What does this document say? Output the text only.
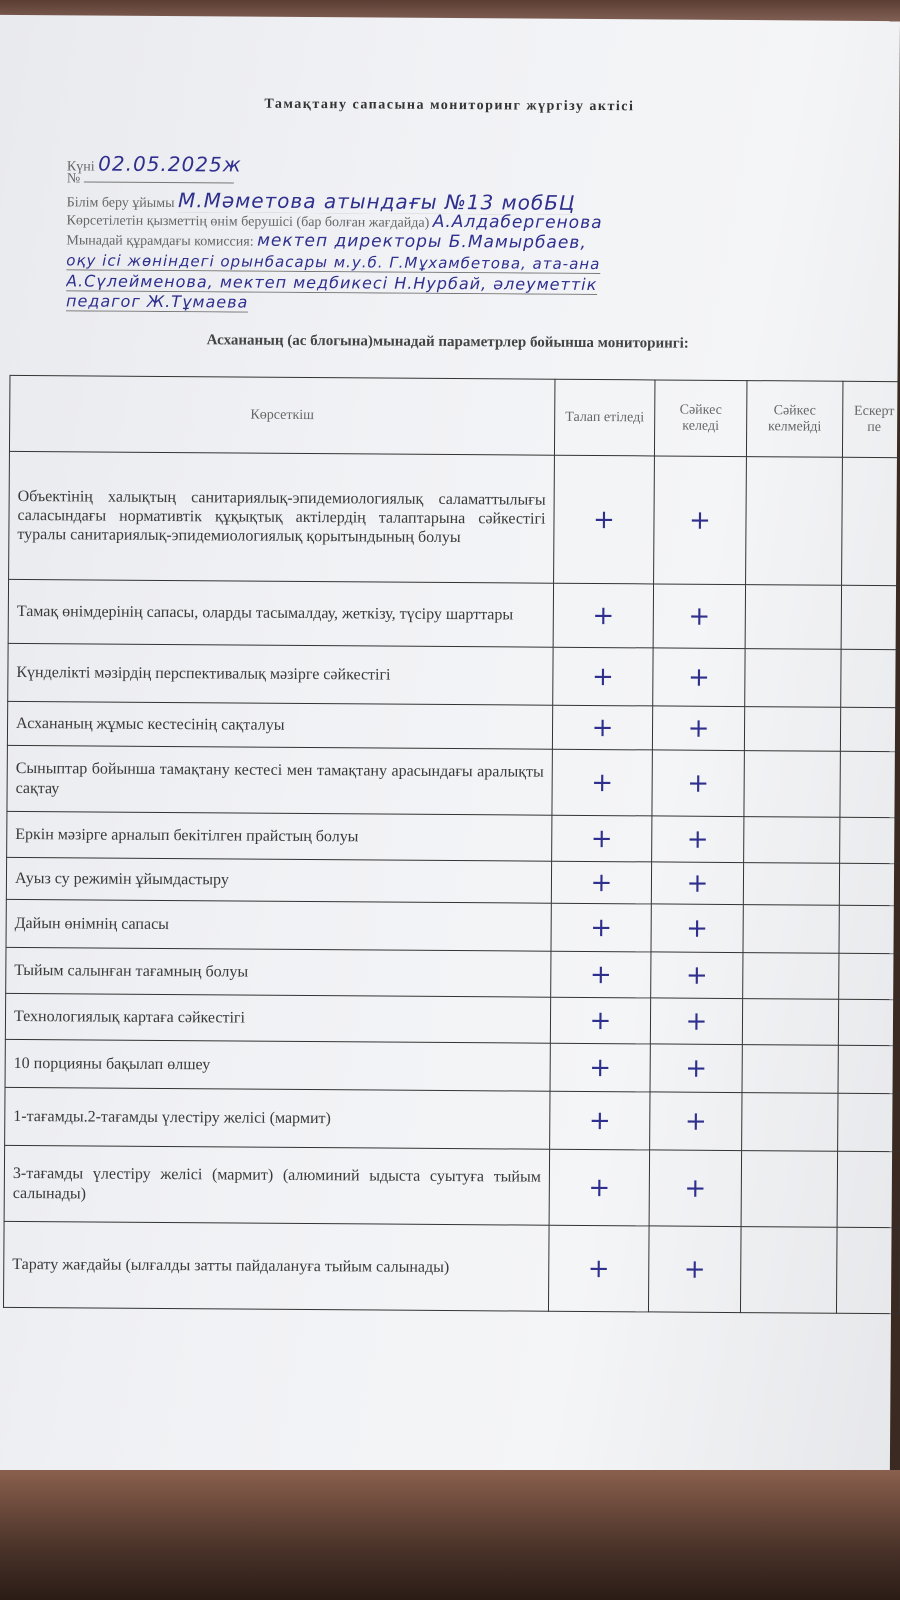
Тамақтану сапасына мониторинг жүргізу актісі
Күні 02.05.2025ж
№
Білім беру ұйымы М.Мәметова атындағы №13 мобБЦ
Көрсетілетін қызметтің өнім берушісі (бар болған жағдайда) А.Алдабергенова
Мынадай құрамдағы комиссия: мектеп директоры Б.Мамырбаев,
оқу ісі жөніндегі орынбасары м.у.б. Г.Мұхамбетова, ата-ана
А.Сүлейменова, мектеп медбикесі Н.Нурбай, әлеуметтік
педагог Ж.Тұмаева
Асхананың (ас блогына)мынадай параметрлер бойынша мониторингі:
Көрсеткіш	Талап етіледі	Сәйкес келеді	Сәйкес келмейді	Ескерт пе
Объектінің халықтың санитариялық-эпидемиологиялық саламаттылығы саласындағы нормативтік құқықтық актілердің талаптарына сәйкестігі туралы санитариялық-эпидемиологиялық қорытындының болуы	+	+		
Тамақ өнімдерінің сапасы, оларды тасымалдау, жеткізу, түсіру шарттары	+	+		
Күнделікті мәзірдің перспективалық мәзірге сәйкестігі	+	+		
Асхананың жұмыс кестесінің сақталуы	+	+		
Сыныптар бойынша тамақтану кестесі мен тамақтану арасындағы аралықты сақтау	+	+		
Еркін мәзірге арналып бекітілген прайстың болуы	+	+		
Ауыз су режимін ұйымдастыру	+	+		
Дайын өнімнің сапасы	+	+		
Тыйым салынған тағамның болуы	+	+		
Технологиялық картаға сәйкестігі	+	+		
10 порцияны бақылап өлшеу	+	+		
1-тағамды.2-тағамды үлестіру желісі (мармит)	+	+		
3-тағамды үлестіру желісі (мармит) (алюминий ыдыста суытуға тыйым салынады)	+	+		
Тарату жағдайы (ылғалды затты пайдалануға тыйым салынады)	+	+		
